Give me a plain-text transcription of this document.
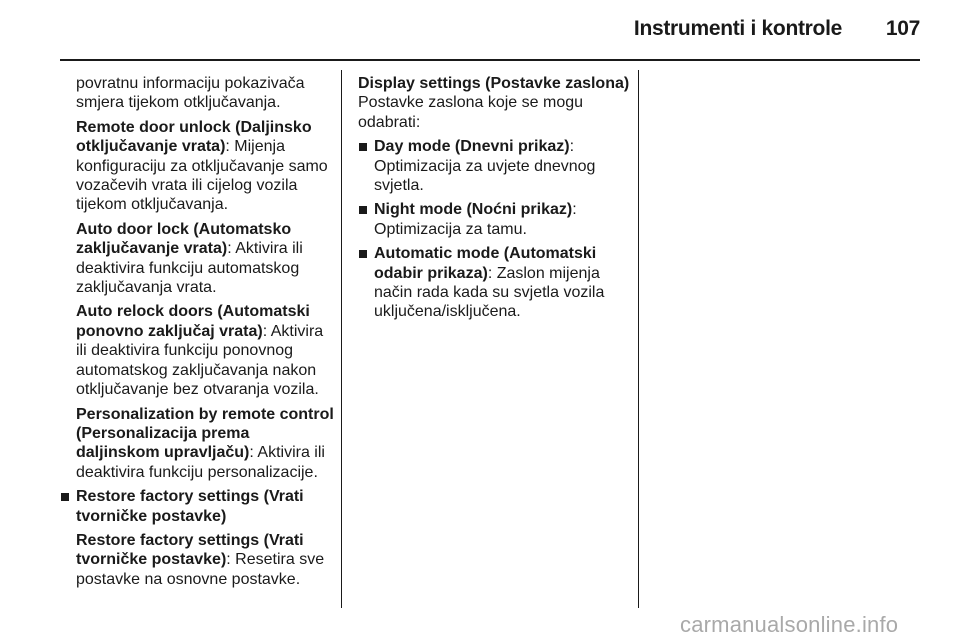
Instrumenti i kontrole 107

povratnu informaciju pokazivača smjera tijekom otključavanja.

Remote door unlock (Daljinsko otključavanje vrata): Mijenja konfiguraciju za otključavanje samo vozačevih vrata ili cijelog vozila tijekom otključavanja.

Auto door lock (Automatsko zaključavanje vrata): Aktivira ili deaktivira funkciju automatskog zaključavanja vrata.

Auto relock doors (Automatski ponovno zaključaj vrata): Aktivira ili deaktivira funkciju ponovnog automatskog zaključavanja nakon otključavanje bez otvaranja vozila.

Personalization by remote control (Personalizacija prema daljinskom upravljaču): Aktivira ili deaktivira funkciju personalizacije.

Restore factory settings (Vrati tvorničke postavke)

Restore factory settings (Vrati tvorničke postavke): Resetira sve postavke na osnovne postavke.

Display settings (Postavke zaslona)

Postavke zaslona koje se mogu odabrati:

Day mode (Dnevni prikaz): Optimizacija za uvjete dnevnog svjetla.
Night mode (Noćni prikaz): Optimizacija za tamu.
Automatic mode (Automatski odabir prikaza): Zaslon mijenja način rada kada su svjetla vozila uključena/isključena.
carmanualsonline.info
